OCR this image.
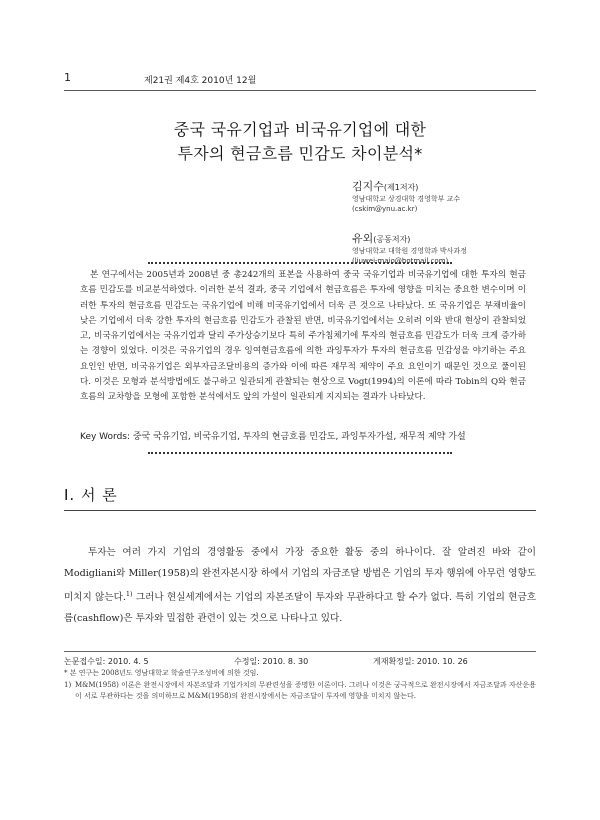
1	제21권 제4호 2010년 12월
중국 국유기업과 비국유기업에 대한
투자의 현금흐름 민감도 차이분석*
김지수(제1저자)
영남대학교 상경대학 경영학부 교수
(cskim@ynu.ac.kr)
유외(공동저자)
영남대학교 대학원 경영학과 박사과정
(liuwei-maio@hotmail.com)

본 연구에서는 2005년과 2008년 중 총242개의 표본을 사용하여 중국 국유기업과 비국유기업에 대한 투자의 현금흐름 민감도를 비교분석하였다. 이러한 분석 결과, 중국 기업에서 현금흐름은 투자에 영향을 미치는 중요한 변수이며 이러한 투자의 현금흐름 민감도는 국유기업에 비해 비국유기업에서 더욱 큰 것으로 나타났다. 또 국유기업은 부채비율이 낮은 기업에서 더욱 강한 투자의 현금흐름 민감도가 관찰된 반면, 비국유기업에서는 오히려 이와 반대 현상이 관찰되었고, 비국유기업에서는 국유기업과 달리 주가상승기보다 특히 주가침체기에 투자의 현금흐름 민감도가 더욱 크게 증가하는 경향이 있었다. 이것은 국유기업의 경우 잉여현금흐름에 의한 과잉투자가 투자의 현금흐름 민감성을 야기하는 주요 요인인 반면, 비국유기업은 외부자금조달비용의 증가와 이에 따른 재무적 제약이 주요 요인이기 때문인 것으로 풀이된다. 이것은 모형과 분석방법에도 불구하고 일관되게 관찰되는 현상으로 Vogt(1994)의 이론에 따라 Tobin의 Q와 현금흐름의 교차항을 모형에 포함한 분석에서도 앞의 가설이 일관되게 지지되는 결과가 나타났다.

Key Words: 중국 국유기업, 비국유기업, 투자의 현금흐름 민감도, 과잉투자가설, 재무적 제약 가설
Ⅰ. 서 론

투자는 여러 가지 기업의 경영활동 중에서 가장 중요한 활동 중의 하나이다. 잘 알려진 바와 같이 Modigliani와 Miller(1958)의 완전자본시장 하에서 기업의 자금조달 방법은 기업의 투자 행위에 아무런 영향도 미치지 않는다.$^{1)}$ 그러나 현실세계에서는 기업의 자본조달이 투자와 무관하다고 할 수가 없다. 특히 기업의 현금흐름(cashflow)은 투자와 밀접한 관련이 있는 것으로 나타나고 있다.

논문접수일: 2010. 4. 5	수정일: 2010. 8. 30	게재확정일: 2010. 10. 26
* 본 연구는 2008년도 영남대학교 학술연구조성비에 의한 것임.
1) M&M(1958) 이론은 완전시장에서 자본조달과 기업가치의 무관련성을 증명한 이론이다. 그러나 이것은 궁극적으로 완전시장에서 자금조달과 자산운용이 서로 무관하다는 것을 의미하므로 M&M(1958)의 완전시장에서는 자금조달이 투자에 영향을 미치지 않는다.
